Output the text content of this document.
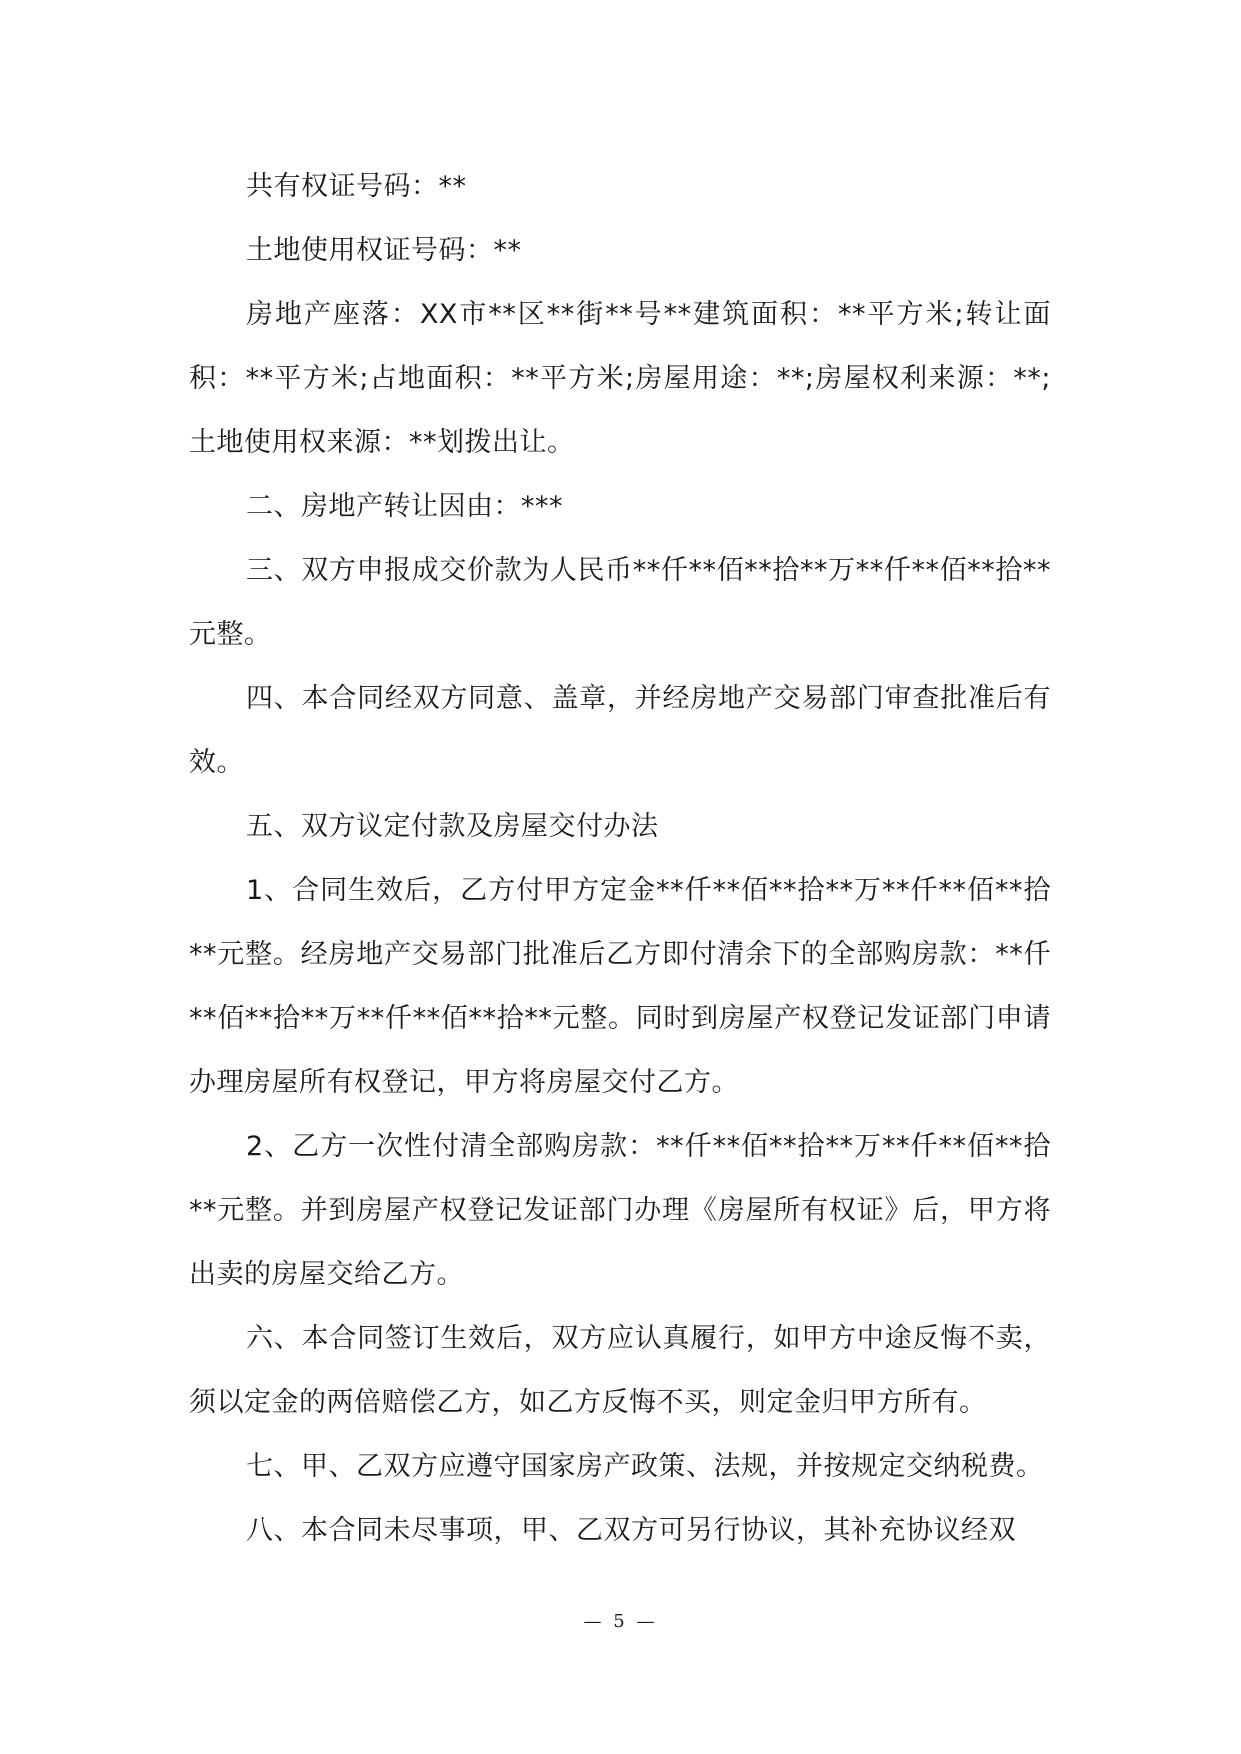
共有权证号码：**

土地使用权证号码：**

房地产座落：XX市**区**街**号**建筑面积：**平方米;转让面积：**平方米;占地面积：**平方米;房屋用途：**;房屋权利来源：**;土地使用权来源：**划拨出让。

二、房地产转让因由：***

三、双方申报成交价款为人民币**仟**佰**拾**万**仟**佰**拾**元整。

四、本合同经双方同意、盖章，并经房地产交易部门审查批准后有效。

五、双方议定付款及房屋交付办法

1、合同生效后，乙方付甲方定金**仟**佰**拾**万**仟**佰**拾**元整。经房地产交易部门批准后乙方即付清余下的全部购房款：**仟**佰**拾**万**仟**佰**拾**元整。同时到房屋产权登记发证部门申请办理房屋所有权登记，甲方将房屋交付乙方。

2、乙方一次性付清全部购房款：**仟**佰**拾**万**仟**佰**拾**元整。并到房屋产权登记发证部门办理《房屋所有权证》后，甲方将出卖的房屋交给乙方。

六、本合同签订生效后，双方应认真履行，如甲方中途反悔不卖，须以定金的两倍赔偿乙方，如乙方反悔不买，则定金归甲方所有。

七、甲、乙双方应遵守国家房产政策、法规，并按规定交纳税费。

八、本合同未尽事项，甲、乙双方可另行协议，其补充协议经双

— 5 —
